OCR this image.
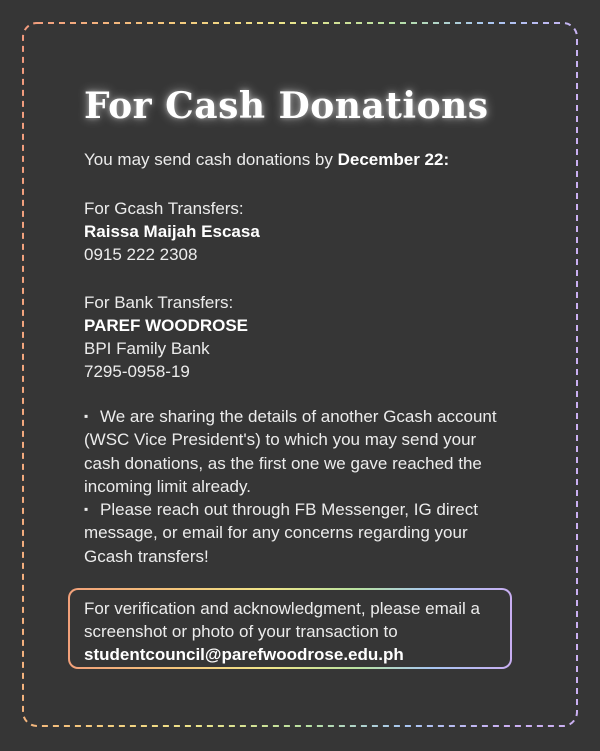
For Cash Donations
You may send cash donations by December 22:
For Gcash Transfers:
Raissa Maijah Escasa
0915 222 2308
For Bank Transfers:
PAREF WOODROSE
BPI Family Bank
7295-0958-19

▪ We are sharing the details of another Gcash account (WSC Vice President's) to which you may send your cash donations, as the first one we gave reached the incoming limit already.

▪ Please reach out through FB Messenger, IG direct message, or email for any concerns regarding your Gcash transfers!

For verification and acknowledgment, please email a
screenshot or photo of your transaction to
studentcouncil@parefwoodrose.edu.ph
